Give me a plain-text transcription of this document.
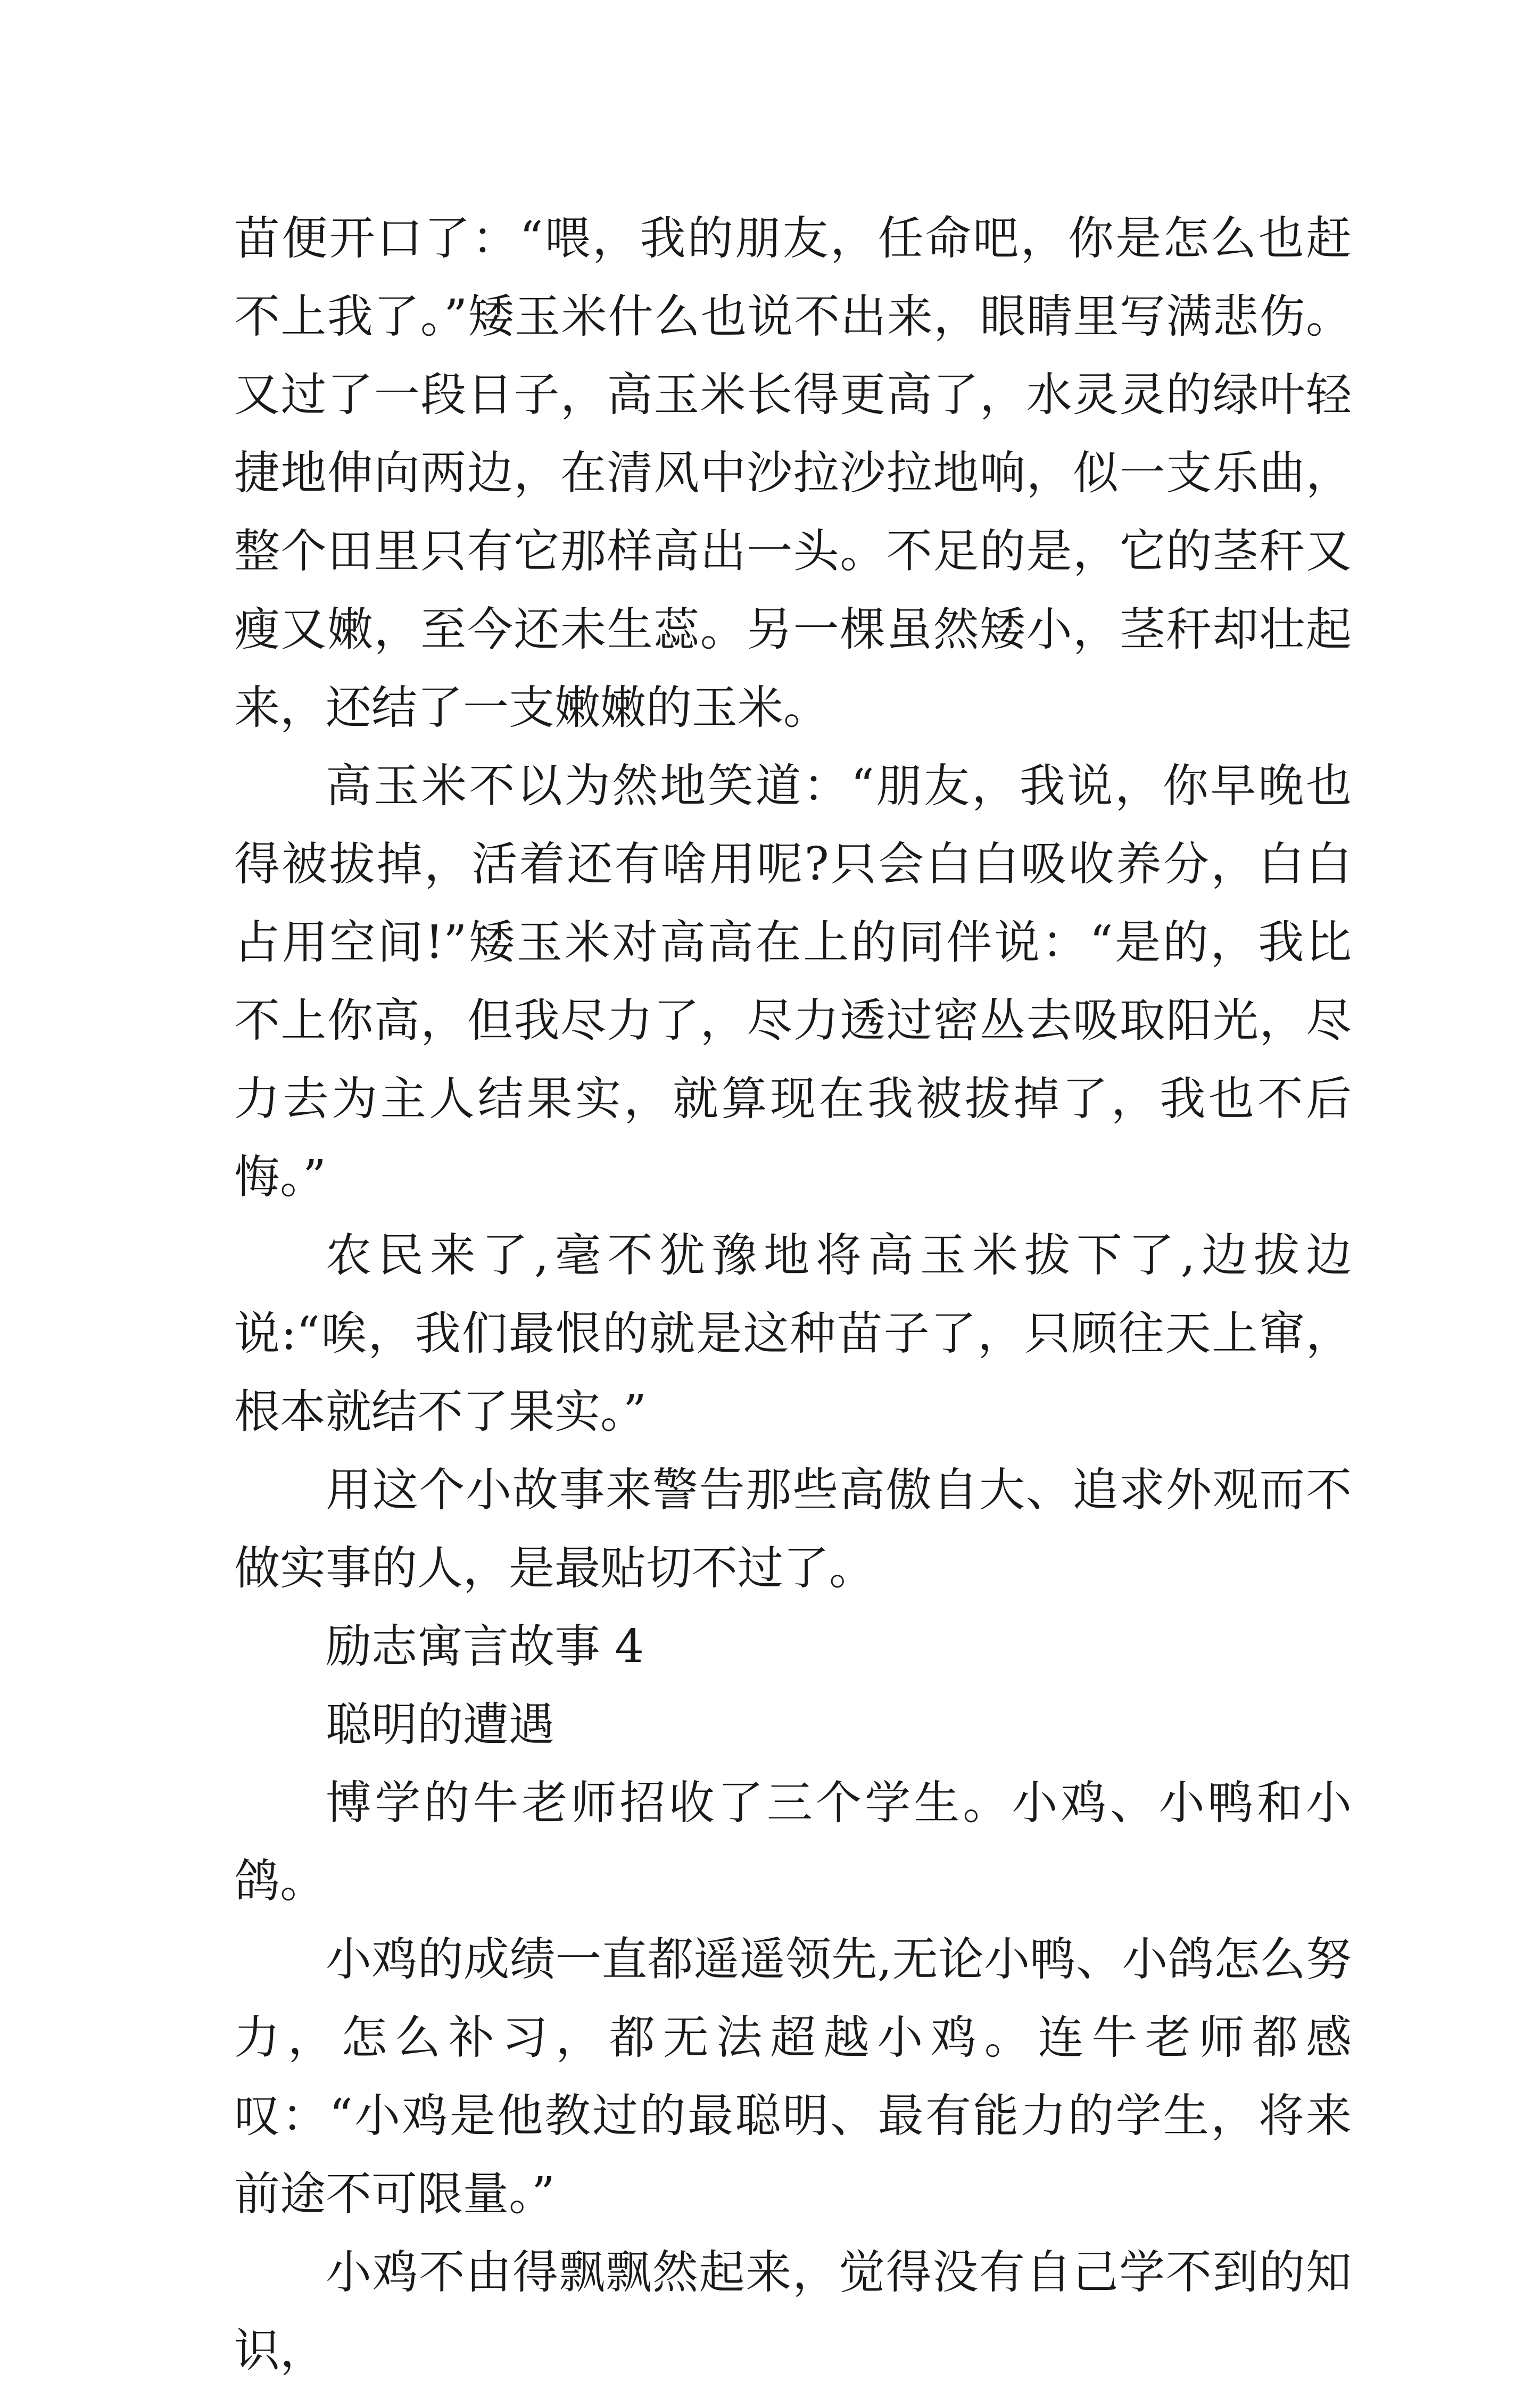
苗便开口了：“喂，我的朋友，任命吧，你是怎么也赶不上我了。”矮玉米什么也说不出来，眼睛里写满悲伤。又过了一段日子，高玉米长得更高了，水灵灵的绿叶轻捷地伸向两边，在清风中沙拉沙拉地响，似一支乐曲，整个田里只有它那样高出一头。不足的是，它的茎秆又瘦又嫩，至今还未生蕊。另一棵虽然矮小，茎秆却壮起来，还结了一支嫩嫩的玉米。

高玉米不以为然地笑道：“朋友，我说，你早晚也得被拔掉，活着还有啥用呢?只会白白吸收养分，白白占用空间!”矮玉米对高高在上的同伴说：“是的，我比不上你高，但我尽力了，尽力透过密丛去吸取阳光，尽力去为主人结果实，就算现在我被拔掉了，我也不后悔。”

农民来了,毫不犹豫地将高玉米拔下了,边拔边说:“唉，我们最恨的就是这种苗子了，只顾往天上窜，根本就结不了果实。”

用这个小故事来警告那些高傲自大、追求外观而不做实事的人，是最贴切不过了。

励志寓言故事 4

聪明的遭遇

博学的牛老师招收了三个学生。小鸡、小鸭和小鸽。

小鸡的成绩一直都遥遥领先,无论小鸭、小鸽怎么努力，怎么补习，都无法超越小鸡。连牛老师都感叹：“小鸡是他教过的最聪明、最有能力的学生，将来前途不可限量。”

小鸡不由得飘飘然起来，觉得没有自己学不到的知识，
